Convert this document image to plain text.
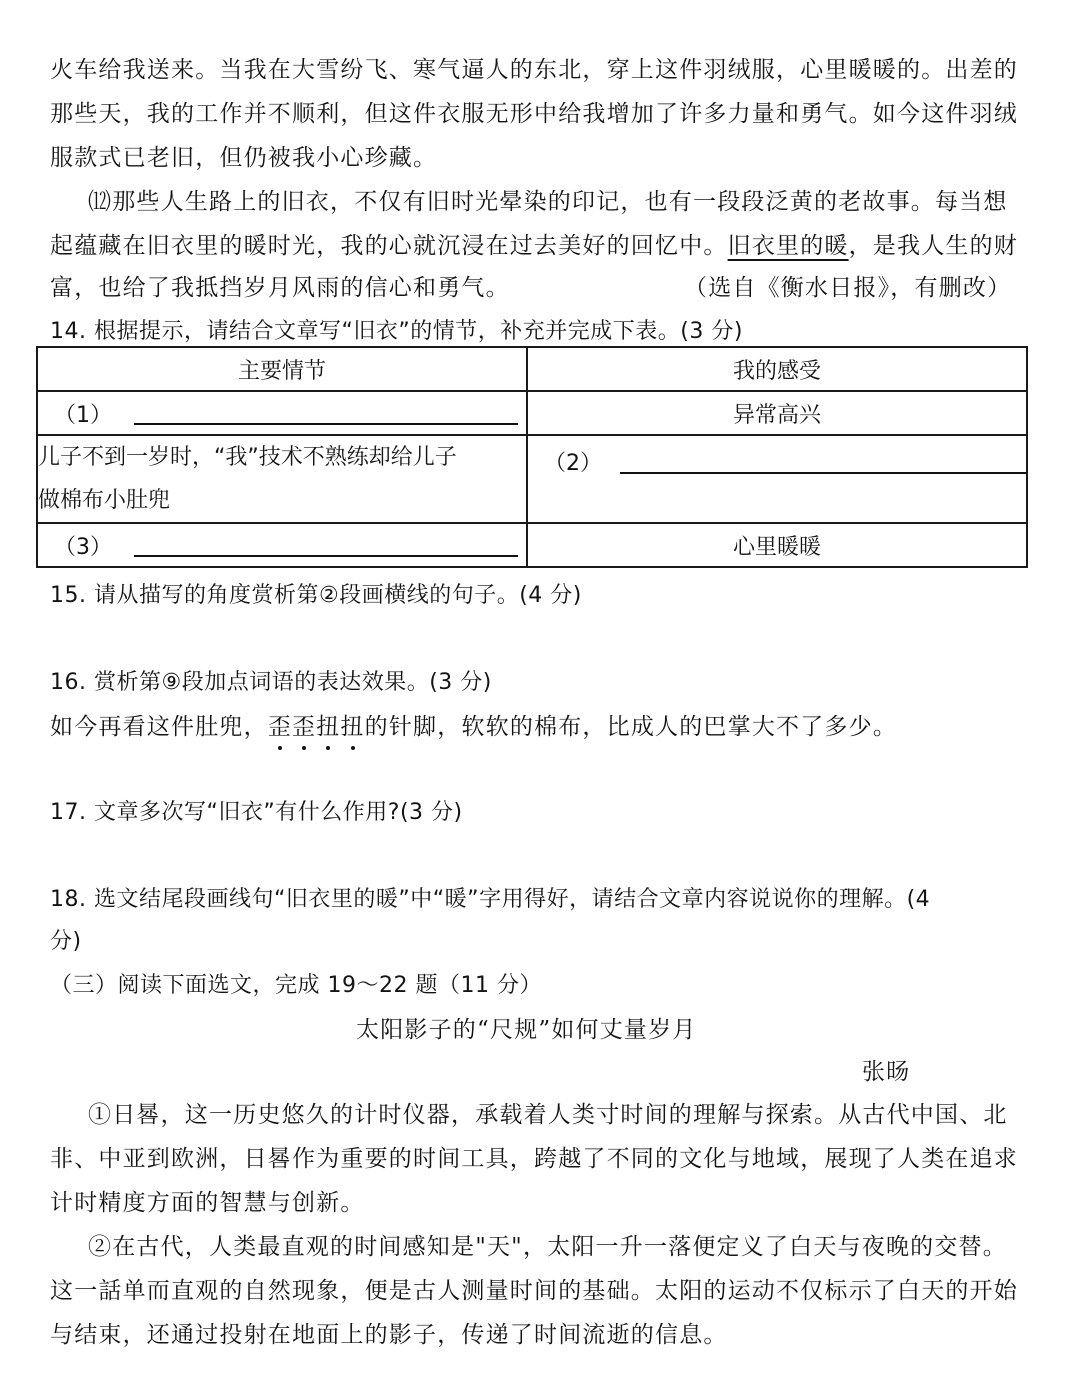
火车给我送来。当我在大雪纷飞、寒气逼人的东北，穿上这件羽绒服，心里暖暖的。出差的
那些天，我的工作并不顺利，但这件衣服无形中给我增加了许多力量和勇气。如今这件羽绒
服款式已老旧，但仍被我小心珍藏。
⑿那些人生路上的旧衣，不仅有旧时光晕染的印记，也有一段段泛黄的老故事。每当想
起蕴藏在旧衣里的暖时光，我的心就沉浸在过去美好的回忆中。旧衣里的暖，是我人生的财
富，也给了我抵挡岁月风雨的信心和勇气。	（选自《衡水日报》，有删改）
14. 根据提示，请结合文章写“旧衣”的情节，补充并完成下表。(3 分)
主要情节	我的感受

（1）	异常高兴

儿子不到一岁时，“我”技术不熟练却给儿子
做棉布小肚兜	（2）

（3）	心里暖暖
15. 请从描写的角度赏析第②段画横线的句子。(4 分)
16. 赏析第⑨段加点词语的表达效果。(3 分)
如今再看这件肚兜，歪歪扭扭的针脚，软软的棉布，比成人的巴掌大不了多少。
17. 文章多次写“旧衣”有什么作用?(3 分)
18. 选文结尾段画线句“旧衣里的暖”中“暖”字用得好，请结合文章内容说说你的理解。(4
分)
（三）阅读下面选文，完成 19～22 题（11 分）
太阳影子的“尺规”如何丈量岁月
张旸
①日晷，这一历史悠久的计时仪器，承载着人类寸时间的理解与探索。从古代中国、北
非、中亚到欧洲，日晷作为重要的时间工具，跨越了不同的文化与地域，展现了人类在追求
计时精度方面的智慧与创新。
②在古代，人类最直观的时间感知是"天"，太阳一升一落便定义了白天与夜晚的交替。
这一話单而直观的自然现象，便是古人测量时间的基础。太阳的运动不仅标示了白天的开始
与结束，还通过投射在地面上的影子，传递了时间流逝的信息。
